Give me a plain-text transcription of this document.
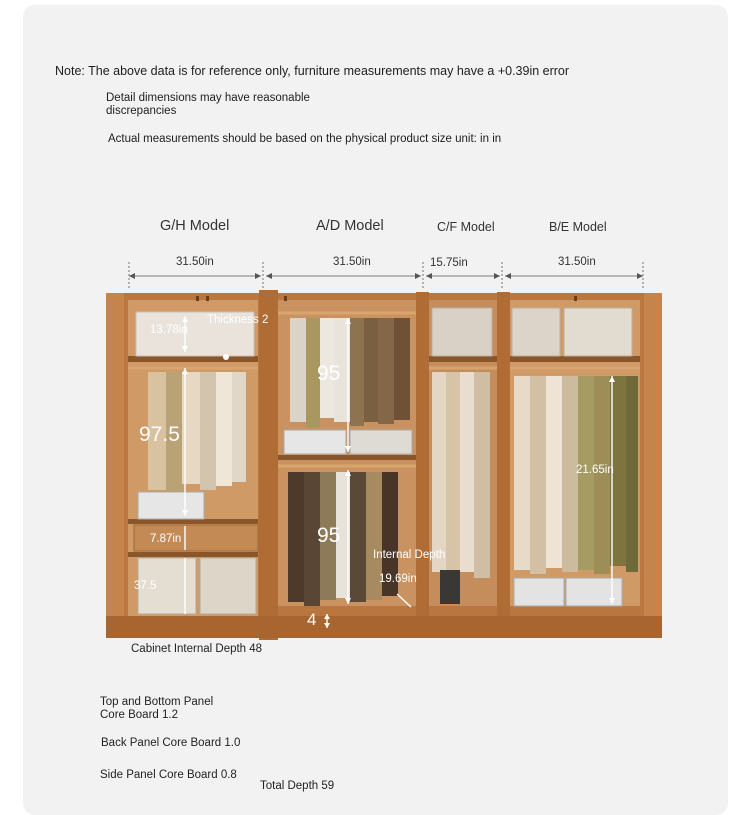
Note: The above data is for reference only, furniture measurements may have a +0.39in error
Detail dimensions may have reasonable discrepancies
Actual measurements should be based on the physical product size unit: in in
G/H Model	A/D Model	C/F Model	B/E Model
31.50in	31.50in	15.75in	31.50in
13.78in
Thickness 2
97.5
7.87in
37.5
95
95
Internal Depth
19.69in
4
21.65in
Cabinet Internal Depth 48
Top and Bottom Panel
Core Board 1.2
Back Panel Core Board 1.0
Side Panel Core Board 0.8
Total Depth 59
